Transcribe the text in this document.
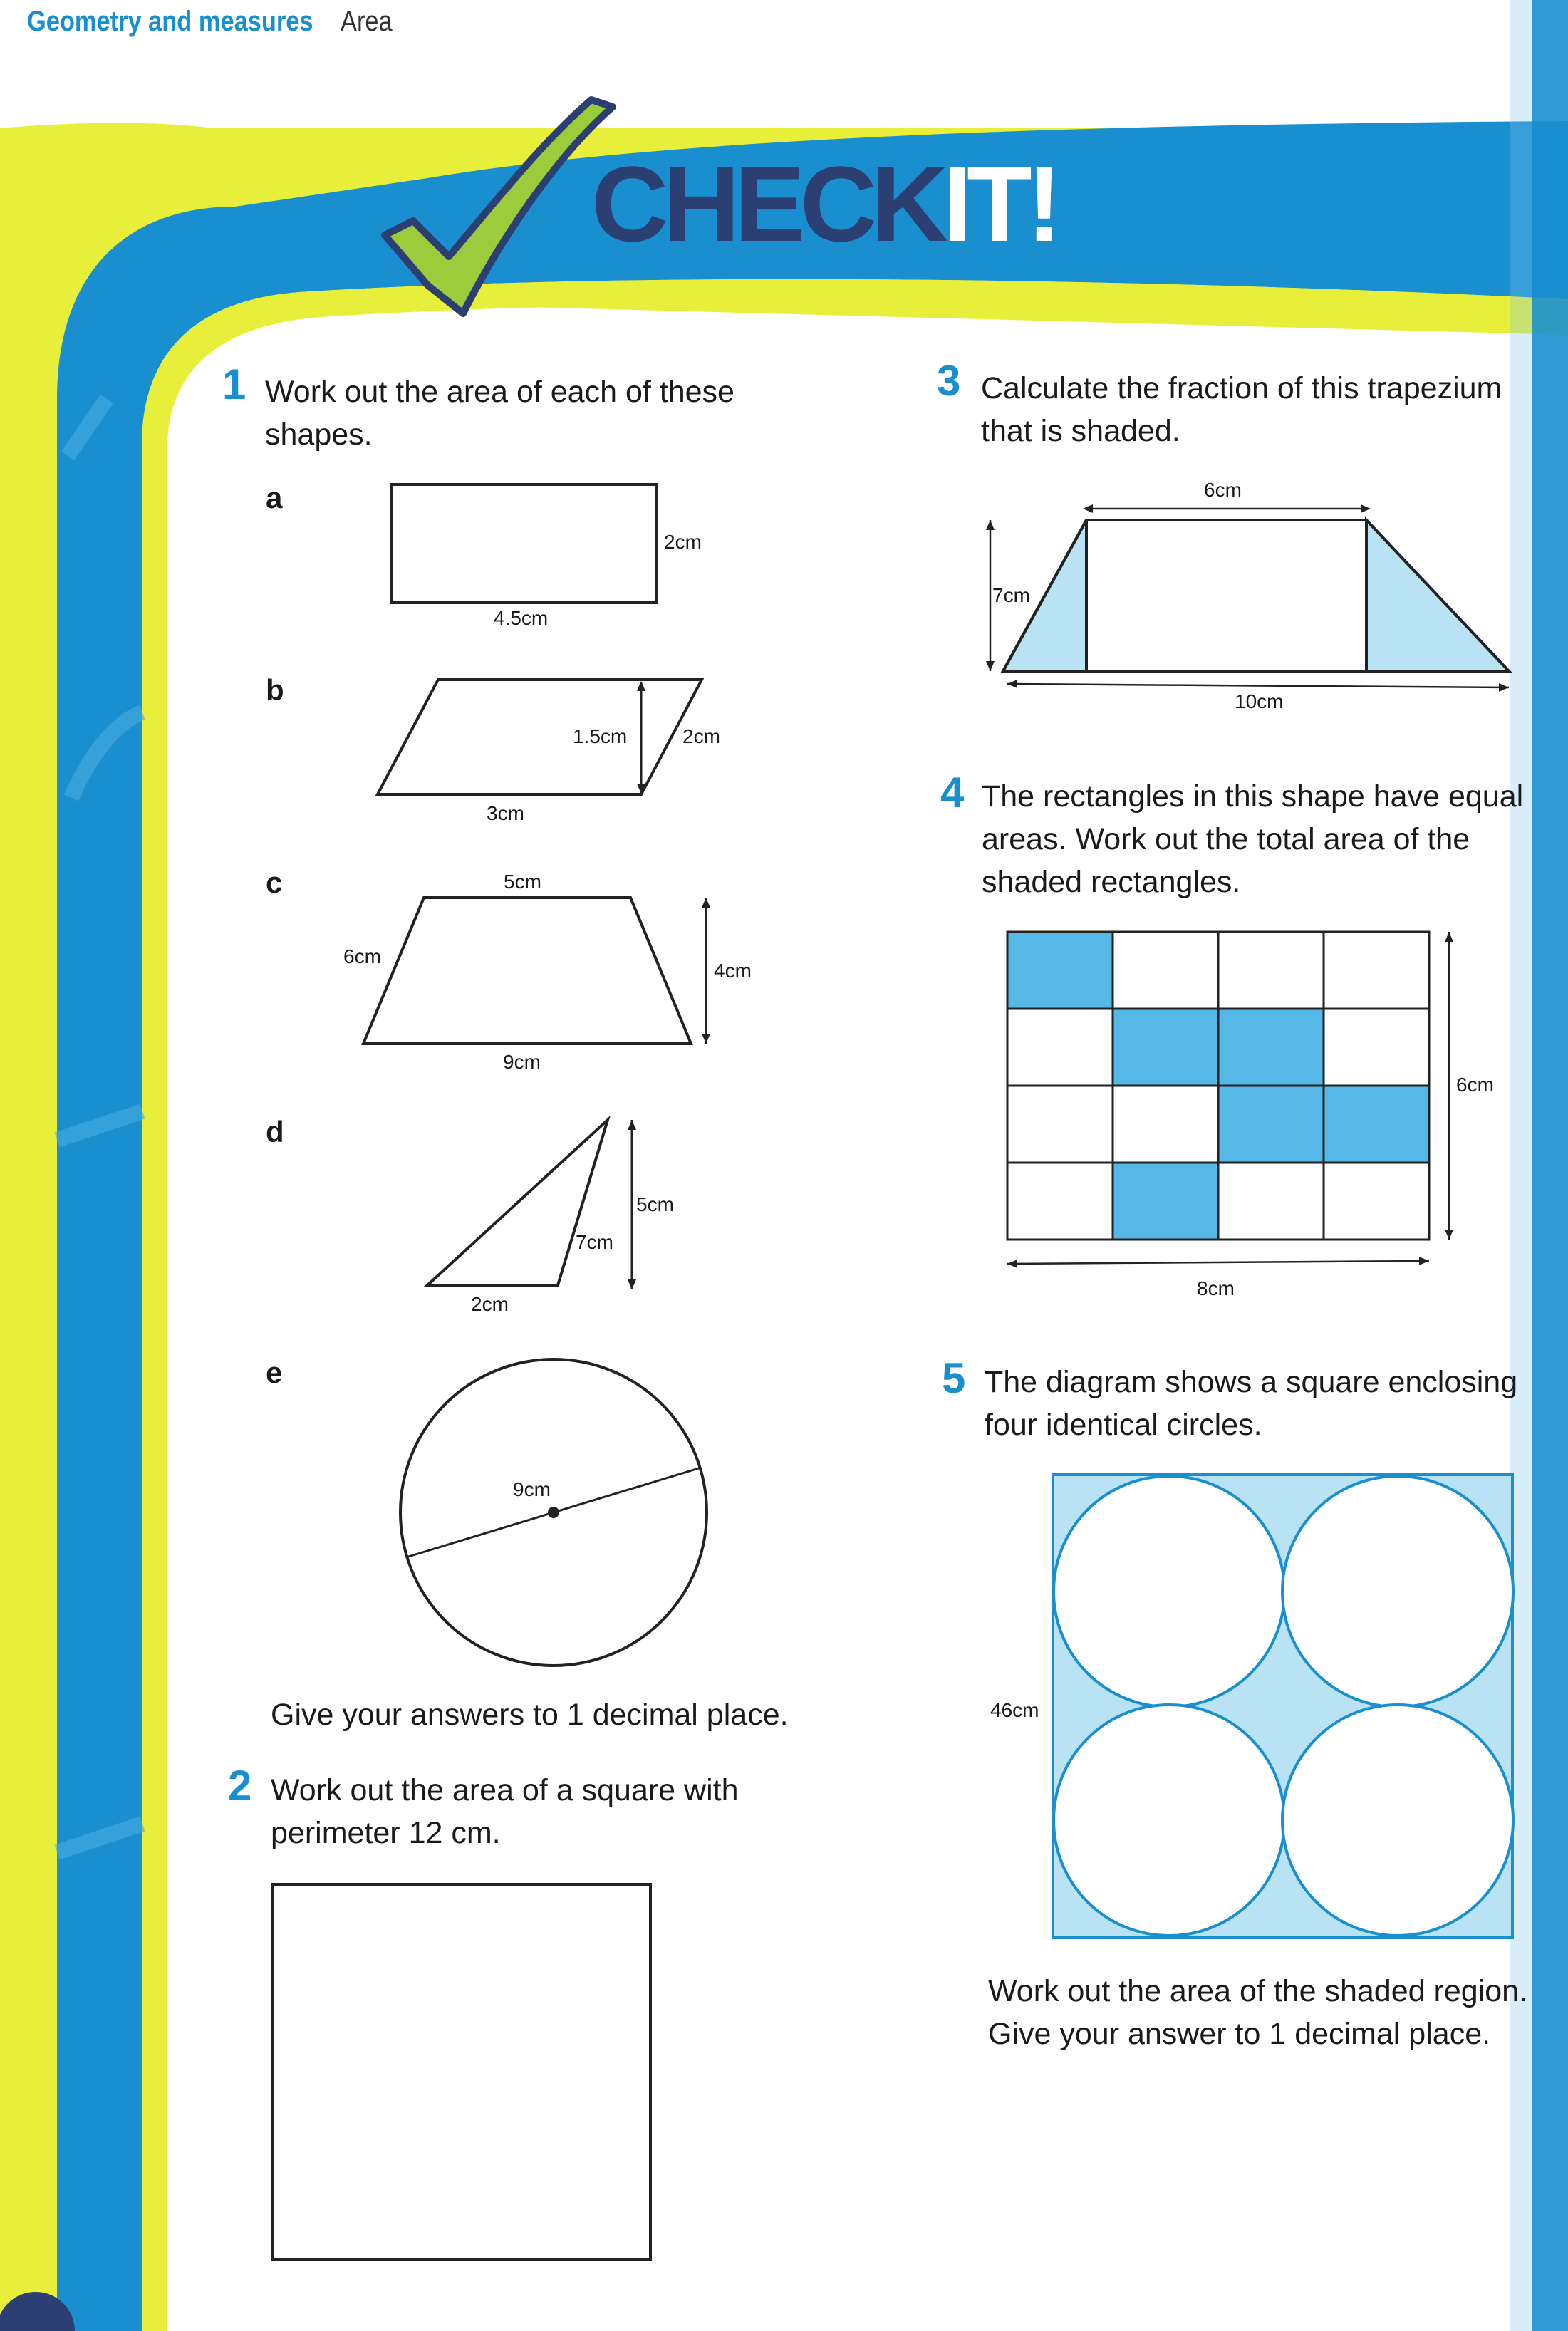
Geometry and measures Area
CHECKIT!
1 Work out the area of each of these
shapes.
a
2cm
4.5cm
b
1.5cm	2cm
3cm
c	5cm
6cm
4cm
9cm
d
5cm
7cm
2cm
e
9cm
Give your answers to 1 decimal place.
2 Work out the area of a square with
perimeter 12 cm.
3 Calculate the fraction of this trapezium
that is shaded.
6cm
7cm
10cm
4 The rectangles in this shape have equal
areas. Work out the total area of the
shaded rectangles.
6cm
8cm
5 The diagram shows a square enclosing
four identical circles.
46cm
Work out the area of the shaded region.
Give your answer to 1 decimal place.
